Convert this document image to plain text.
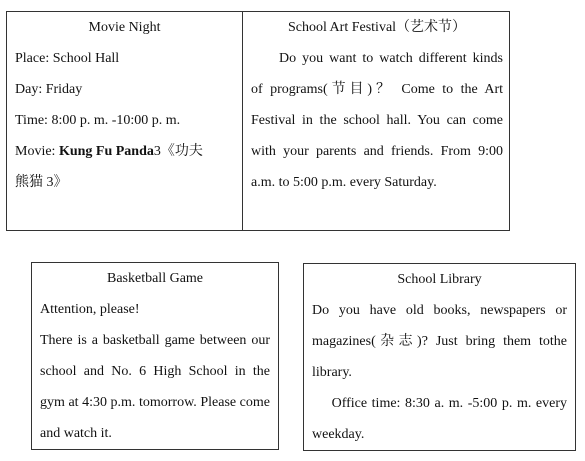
Movie Night
Place: School Hall
Day: Friday
Time: 8:00 p. m. -10:00 p. m.
Movie: Kung Fu Panda3《功夫
熊猫 3》
School Art Festival（艺术节）
Do you want to watch different kinds of programs(节目)？ Come to the Art Festival in the school hall. You can come with your parents and friends. From 9:00 a.m. to 5:00 p.m. every Saturday.
Basketball Game
Attention, please!
There is a basketball game between our school and No. 6 High School in the gym at 4:30 p.m. tomorrow. Please come and watch it.
School Library
Do you have old books, newspapers or magazines(杂志)? Just bring them tothe library.
Office time: 8:30 a. m. -5:00 p. m. every weekday.
